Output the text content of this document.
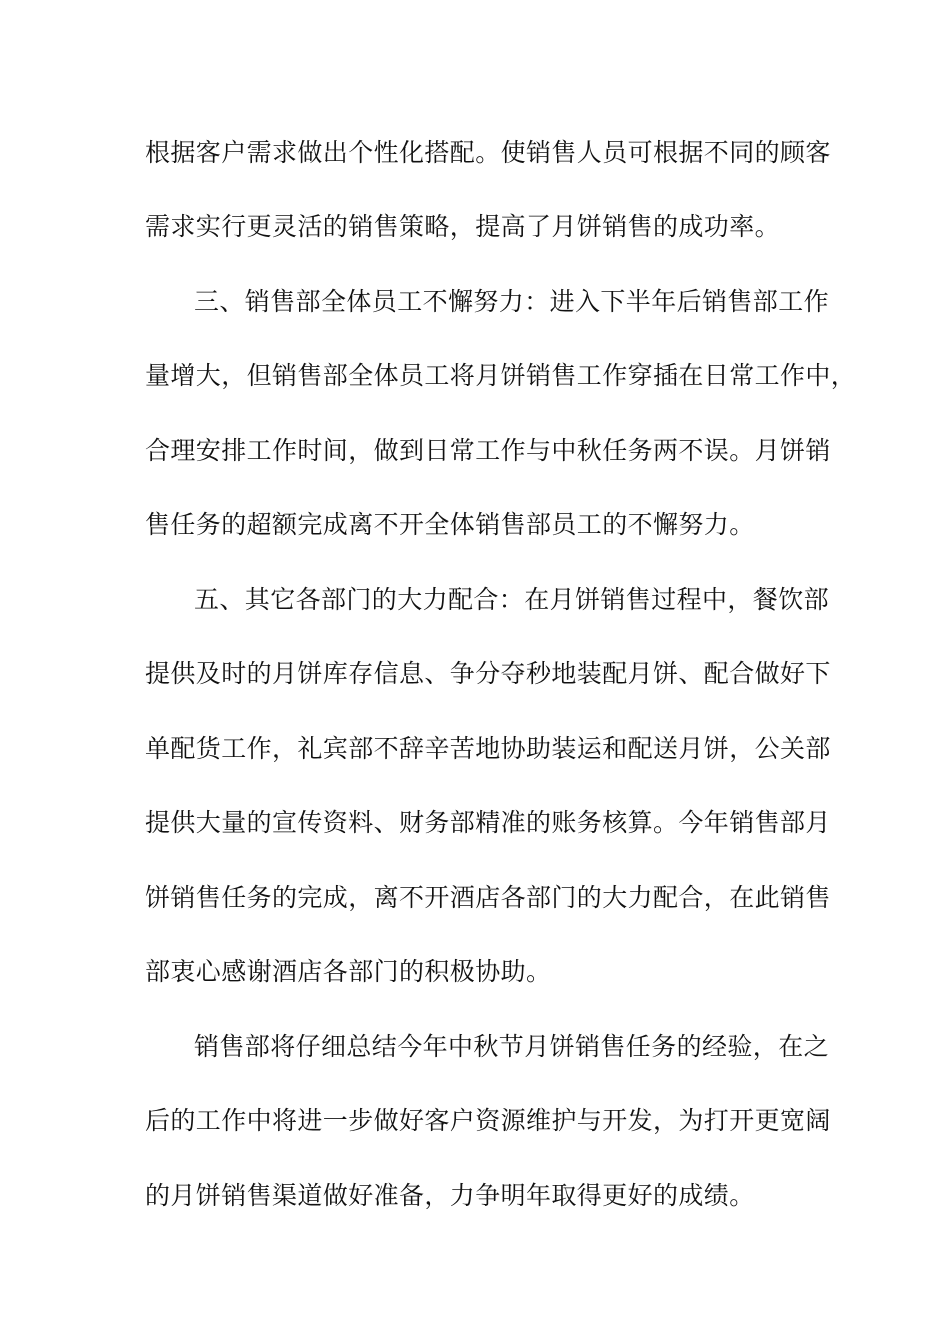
根据客户需求做出个性化搭配。使销售人员可根据不同的顾客
需求实行更灵活的销售策略，提高了月饼销售的成功率。
三、销售部全体员工不懈努力：进入下半年后销售部工作
量增大，但销售部全体员工将月饼销售工作穿插在日常工作中，
合理安排工作时间，做到日常工作与中秋任务两不误。月饼销
售任务的超额完成离不开全体销售部员工的不懈努力。
五、其它各部门的大力配合：在月饼销售过程中，餐饮部
提供及时的月饼库存信息、争分夺秒地装配月饼、配合做好下
单配货工作，礼宾部不辞辛苦地协助装运和配送月饼，公关部
提供大量的宣传资料、财务部精准的账务核算。今年销售部月
饼销售任务的完成，离不开酒店各部门的大力配合，在此销售
部衷心感谢酒店各部门的积极协助。
销售部将仔细总结今年中秋节月饼销售任务的经验，在之
后的工作中将进一步做好客户资源维护与开发，为打开更宽阔
的月饼销售渠道做好准备，力争明年取得更好的成绩。
